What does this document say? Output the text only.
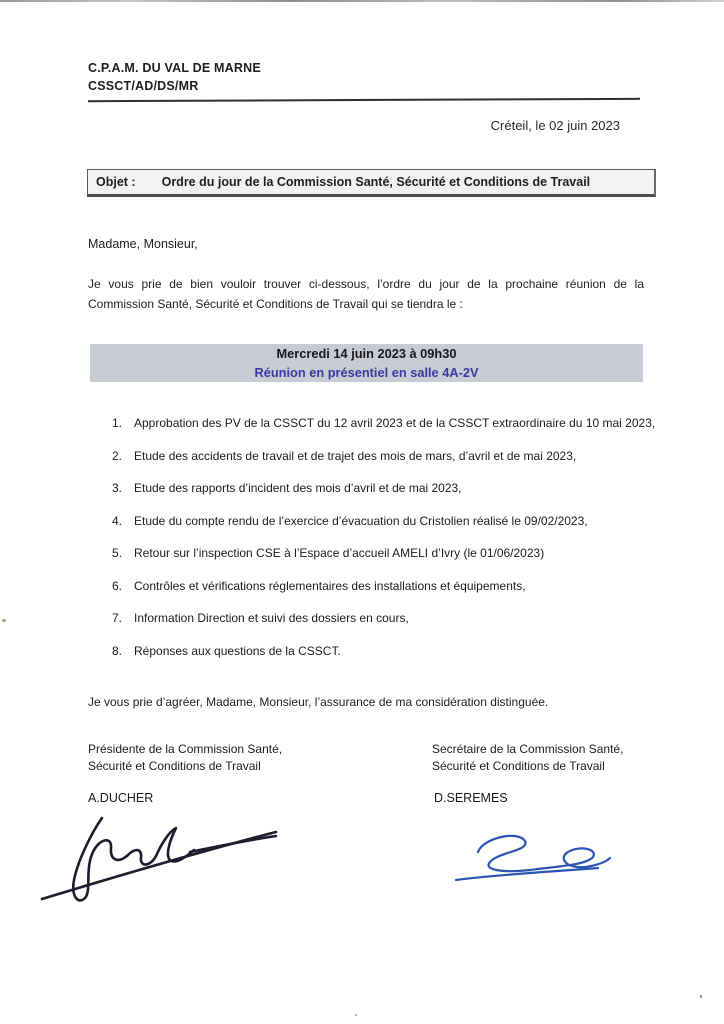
C.P.A.M. DU VAL DE MARNE
CSSCT/AD/DS/MR
Créteil, le 02 juin 2023
Objet : Ordre du jour de la Commission Santé, Sécurité et Conditions de Travail
Madame, Monsieur,
Je vous prie de bien vouloir trouver ci-dessous, l’ordre du jour de la prochaine réunion de la
Commission Santé, Sécurité et Conditions de Travail qui se tiendra le :
Mercredi 14 juin 2023 à 09h30
Réunion en présentiel en salle 4A-2V
1. Approbation des PV de la CSSCT du 12 avril 2023 et de la CSSCT extraordinaire du 10 mai 2023,
2. Etude des accidents de travail et de trajet des mois de mars, d’avril et de mai 2023,
3. Etude des rapports d’incident des mois d’avril et de mai 2023,
4. Etude du compte rendu de l’exercice d’évacuation du Cristolien réalisé le 09/02/2023,
5. Retour sur l’inspection CSE à l’Espace d’accueil AMELI d’Ivry (le 01/06/2023)
6. Contrôles et vérifications réglementaires des installations et équipements,
7. Information Direction et suivi des dossiers en cours,
8. Réponses aux questions de la CSSCT.
Je vous prie d’agréer, Madame, Monsieur, l’assurance de ma considération distinguée.
Présidente de la Commission Santé,
Sécurité et Conditions de Travail
Secrétaire de la Commission Santé,
Sécurité et Conditions de Travail
A.DUCHER	D.SEREMES
